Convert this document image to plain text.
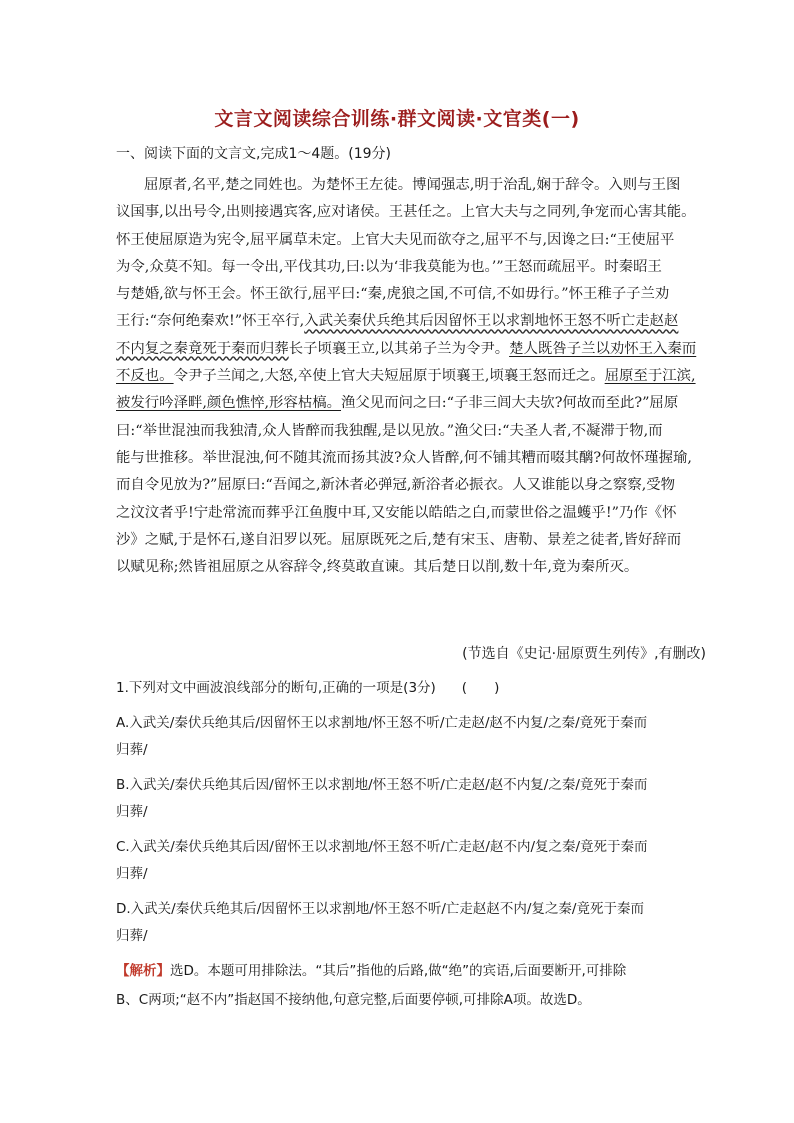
文言文阅读综合训练·群文阅读·文官类(一)
一、阅读下面的文言文,完成1～4题。(19分)
屈原者,名平,楚之同姓也。为楚怀王左徒。博闻强志,明于治乱,娴于辞令。入则与王图
议国事,以出号令,出则接遇宾客,应对诸侯。王甚任之。上官大夫与之同列,争宠而心害其能。
怀王使屈原造为宪令,屈平属草未定。上官大夫见而欲夺之,屈平不与,因谗之曰:“王使屈平
为令,众莫不知。每一令出,平伐其功,曰:以为‘非我莫能为也。’”王怒而疏屈平。时秦昭王
与楚婚,欲与怀王会。怀王欲行,屈平曰:“秦,虎狼之国,不可信,不如毋行。”怀王稚子子兰劝
王行:“奈何绝秦欢!”怀王卒行,入武关秦伏兵绝其后因留怀王以求割地怀王怒不听亡走赵赵
不内复之秦竟死于秦而归葬长子顷襄王立,以其弟子兰为令尹。楚人既咎子兰以劝怀王入秦而
不反也。令尹子兰闻之,大怒,卒使上官大夫短屈原于顷襄王,顷襄王怒而迁之。屈原至于江滨,
被发行吟泽畔,颜色憔悴,形容枯槁。渔父见而问之曰:“子非三闾大夫欤?何故而至此?”屈原
曰:“举世混浊而我独清,众人皆醉而我独醒,是以见放。”渔父曰:“夫圣人者,不凝滞于物,而
能与世推移。举世混浊,何不随其流而扬其波?众人皆醉,何不铺其糟而啜其醨?何故怀瑾握瑜,
而自令见放为?”屈原曰:“吾闻之,新沐者必弹冠,新浴者必振衣。人又谁能以身之察察,受物
之汶汶者乎!宁赴常流而葬乎江鱼腹中耳,又安能以皓皓之白,而蒙世俗之温蠖乎!”乃作《怀
沙》之赋,于是怀石,遂自汨罗以死。屈原既死之后,楚有宋玉、唐勒、景差之徒者,皆好辞而
以赋见称;然皆祖屈原之从容辞令,终莫敢直谏。其后楚日以削,数十年,竟为秦所灭。
(节选自《史记·屈原贾生列传》,有删改)
1.下列对文中画波浪线部分的断句,正确的一项是(3分) (　　)
A.入武关/秦伏兵绝其后/因留怀王以求割地/怀王怒不听/亡走赵/赵不内复/之秦/竟死于秦而
归葬/
B.入武关/秦伏兵绝其后因/留怀王以求割地/怀王怒不听/亡走赵/赵不内复/之秦/竟死于秦而
归葬/
C.入武关/秦伏兵绝其后因/留怀王以求割地/怀王怒不听/亡走赵/赵不内/复之秦/竟死于秦而
归葬/
D.入武关/秦伏兵绝其后/因留怀王以求割地/怀王怒不听/亡走赵赵不内/复之秦/竟死于秦而
归葬/
【解析】选D。本题可用排除法。“其后”指他的后路,做“绝”的宾语,后面要断开,可排除
B、C两项;“赵不内”指赵国不接纳他,句意完整,后面要停顿,可排除A项。故选D。
